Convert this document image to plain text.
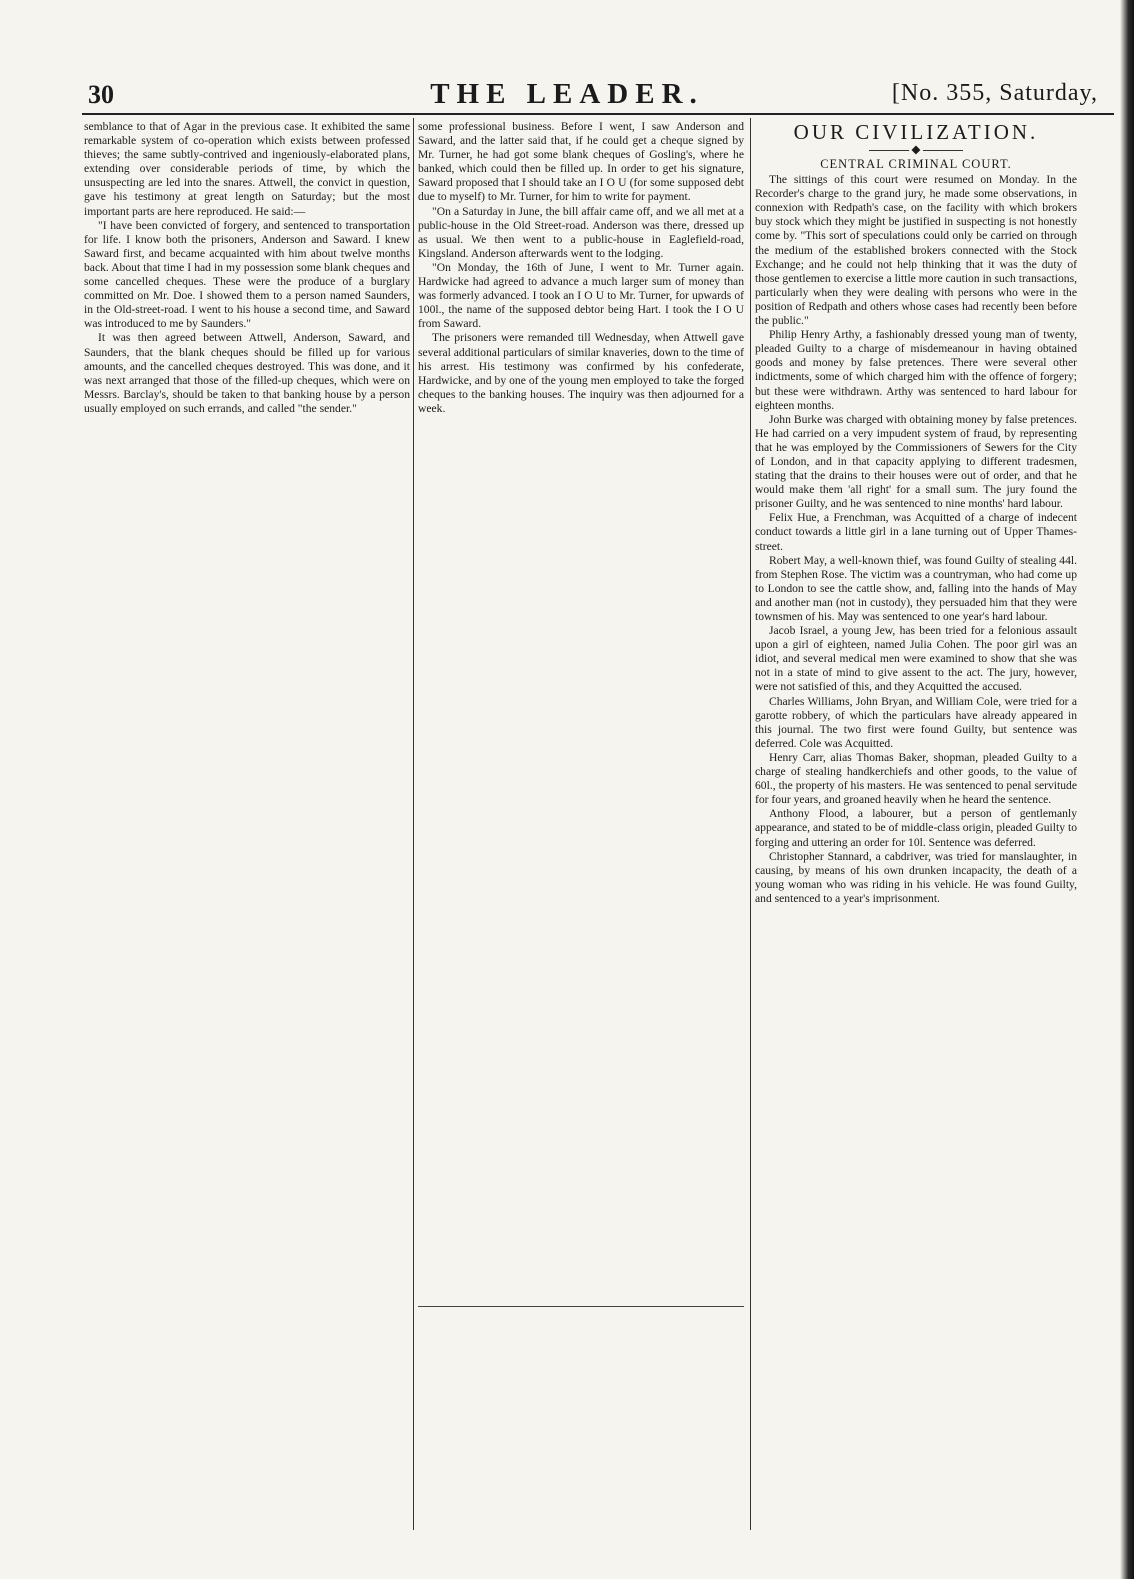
30	THE LEADER.	[No. 355, Saturday,

semblance to that of Agar in the previous case. It exhibited the same remarkable system of co-operation which exists between professed thieves; the same subtly-contrived and ingeniously-elaborated plans, extending over considerable periods of time, by which the unsuspecting are led into the snares. Attwell, the convict in question, gave his testimony at great length on Saturday; but the most important parts are here reproduced. He said:—

"I have been convicted of forgery, and sentenced to transportation for life. I know both the prisoners, Anderson and Saward. I knew Saward first, and became acquainted with him about twelve months back. About that time I had in my possession some blank cheques and some cancelled cheques. These were the produce of a burglary committed on Mr. Doe. I showed them to a person named Saunders, in the Old-street-road. I went to his house a second time, and Saward was introduced to me by Saunders."

It was then agreed between Attwell, Anderson, Saward, and Saunders, that the blank cheques should be filled up for various amounts, and the cancelled cheques destroyed. This was done, and it was next arranged that those of the filled-up cheques, which were on Messrs. Barclay's, should be taken to that banking house by a person usually employed on such errands, and called "the sender."

some professional business. Before I went, I saw Anderson and Saward, and the latter said that, if he could get a cheque signed by Mr. Turner, he had got some blank cheques of Gosling's, where he banked, which could then be filled up. In order to get his signature, Saward proposed that I should take an I O U (for some supposed debt due to myself) to Mr. Turner, for him to write for payment.

"On a Saturday in June, the bill affair came off, and we all met at a public-house in the Old Street-road. Anderson was there, dressed up as usual. We then went to a public-house in Eaglefield-road, Kingsland. Anderson afterwards went to the lodging.

"On Monday, the 16th of June, I went to Mr. Turner again. Hardwicke had agreed to advance a much larger sum of money than was formerly advanced. I took an I O U to Mr. Turner, for upwards of 100l., the name of the supposed debtor being Hart. I took the I O U from Saward.

The prisoners were remanded till Wednesday, when Attwell gave several additional particulars of similar knaveries, down to the time of his arrest. His testimony was confirmed by his confederate, Hardwicke, and by one of the young men employed to take the forged cheques to the banking houses. The inquiry was then adjourned for a week.

OUR CIVILIZATION.
◆
CENTRAL CRIMINAL COURT.

The sittings of this court were resumed on Monday. In the Recorder's charge to the grand jury, he made some observations, in connexion with Redpath's case, on the facility with which brokers buy stock which they might be justified in suspecting is not honestly come by. "This sort of speculations could only be carried on through the medium of the established brokers connected with the Stock Exchange; and he could not help thinking that it was the duty of those gentlemen to exercise a little more caution in such transactions, particularly when they were dealing with persons who were in the position of Redpath and others whose cases had recently been before the public."

Philip Henry Arthy, a fashionably dressed young man of twenty, pleaded Guilty to a charge of misdemeanour in having obtained goods and money by false pretences. There were several other indictments, some of which charged him with the offence of forgery; but these were withdrawn. Arthy was sentenced to hard labour for eighteen months.

John Burke was charged with obtaining money by false pretences. He had carried on a very impudent system of fraud, by representing that he was employed by the Commissioners of Sewers for the City of London, and in that capacity applying to different tradesmen, stating that the drains to their houses were out of order, and that he would make them 'all right' for a small sum. The jury found the prisoner Guilty, and he was sentenced to nine months' hard labour.

Felix Hue, a Frenchman, was Acquitted of a charge of indecent conduct towards a little girl in a lane turning out of Upper Thames-street.

Robert May, a well-known thief, was found Guilty of stealing 44l. from Stephen Rose. The victim was a countryman, who had come up to London to see the cattle show, and, falling into the hands of May and another man (not in custody), they persuaded him that they were townsmen of his. May was sentenced to one year's hard labour.

Jacob Israel, a young Jew, has been tried for a felonious assault upon a girl of eighteen, named Julia Cohen. The poor girl was an idiot, and several medical men were examined to show that she was not in a state of mind to give assent to the act. The jury, however, were not satisfied of this, and they Acquitted the accused.

Charles Williams, John Bryan, and William Cole, were tried for a garotte robbery, of which the particulars have already appeared in this journal. The two first were found Guilty, but sentence was deferred. Cole was Acquitted.

Henry Carr, alias Thomas Baker, shopman, pleaded Guilty to a charge of stealing handkerchiefs and other goods, to the value of 60l., the property of his masters. He was sentenced to penal servitude for four years, and groaned heavily when he heard the sentence.

Anthony Flood, a labourer, but a person of gentlemanly appearance, and stated to be of middle-class origin, pleaded Guilty to forging and uttering an order for 10l. Sentence was deferred.

Christopher Stannard, a cabdriver, was tried for manslaughter, in causing, by means of his own drunken incapacity, the death of a young woman who was riding in his vehicle. He was found Guilty, and sentenced to a year's imprisonment.
